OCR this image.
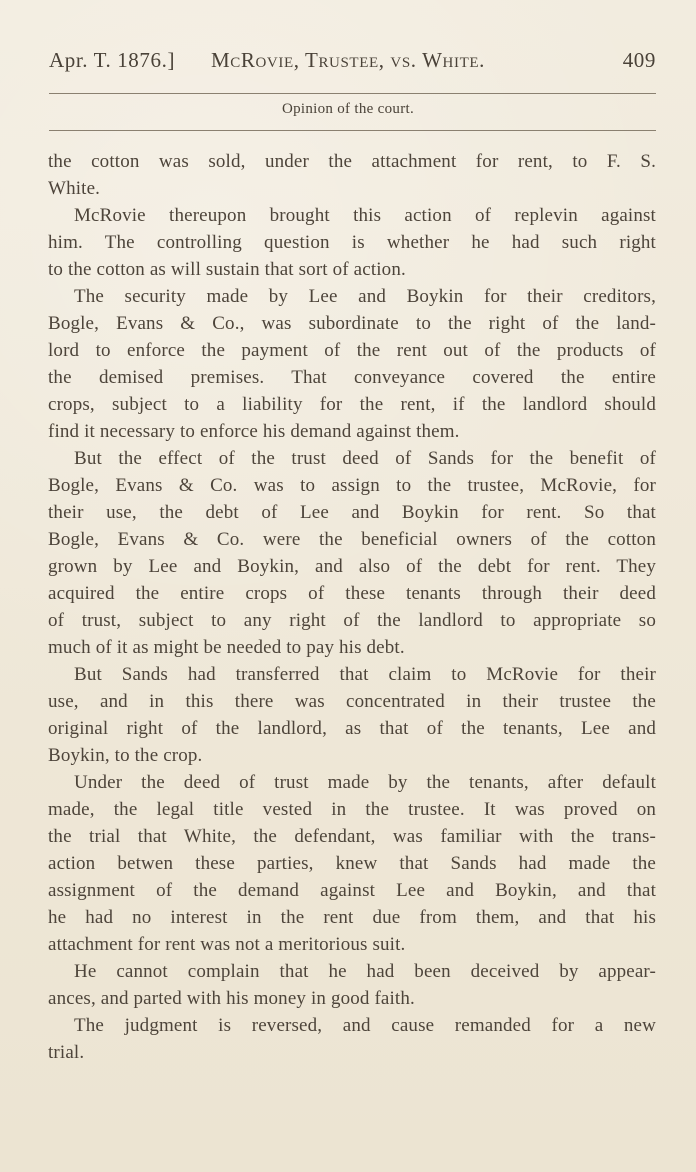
Apr. T. 1876.] McRovie, Trustee, vs. White.	409
Opinion of the court.
the cotton was sold, under the attachment for rent, to F. S.
White.
McRovie thereupon brought this action of replevin against
him. The controlling question is whether he had such right
to the cotton as will sustain that sort of action.
The security made by Lee and Boykin for their creditors,
Bogle, Evans & Co., was subordinate to the right of the land-
lord to enforce the payment of the rent out of the products of
the demised premises. That conveyance covered the entire
crops, subject to a liability for the rent, if the landlord should
find it necessary to enforce his demand against them.
But the effect of the trust deed of Sands for the benefit of
Bogle, Evans & Co. was to assign to the trustee, McRovie, for
their use, the debt of Lee and Boykin for rent. So that
Bogle, Evans & Co. were the beneficial owners of the cotton
grown by Lee and Boykin, and also of the debt for rent. They
acquired the entire crops of these tenants through their deed
of trust, subject to any right of the landlord to appropriate so
much of it as might be needed to pay his debt.
But Sands had transferred that claim to McRovie for their
use, and in this there was concentrated in their trustee the
original right of the landlord, as that of the tenants, Lee and
Boykin, to the crop.
Under the deed of trust made by the tenants, after default
made, the legal title vested in the trustee. It was proved on
the trial that White, the defendant, was familiar with the trans-
action betwen these parties, knew that Sands had made the
assignment of the demand against Lee and Boykin, and that
he had no interest in the rent due from them, and that his
attachment for rent was not a meritorious suit.
He cannot complain that he had been deceived by appear-
ances, and parted with his money in good faith.
The judgment is reversed, and cause remanded for a new
trial.
